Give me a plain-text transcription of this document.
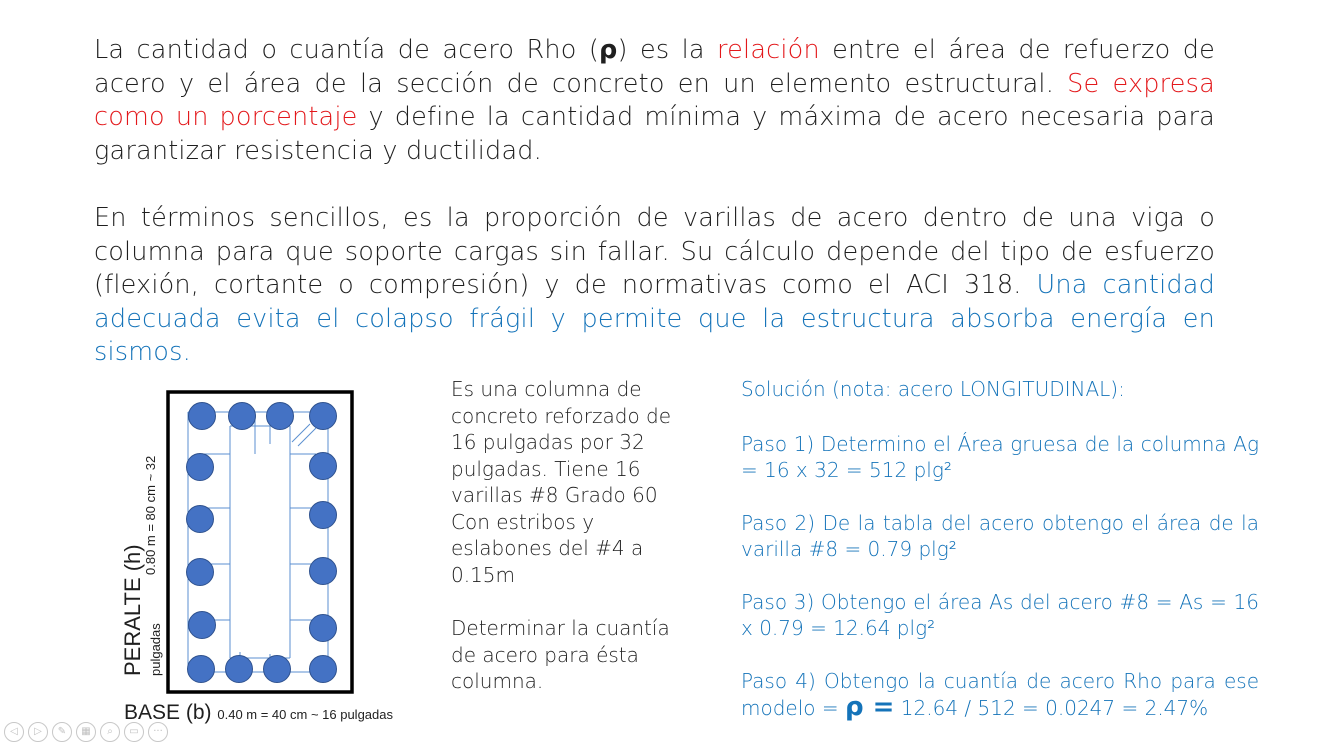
La cantidad o cuantía de acero Rho (ρ) es la relación entre el área de refuerzo de acero y el área de la sección de concreto en un elemento estructural. Se expresa como un porcentaje y define la cantidad mínima y máxima de acero necesaria para garantizar resistencia y ductilidad.
En términos sencillos, es la proporción de varillas de acero dentro de una viga o columna para que soporte cargas sin fallar. Su cálculo depende del tipo de esfuerzo (flexión, cortante o compresión) y de normativas como el ACI 318. Una cantidad adecuada evita el colapso frágil y permite que la estructura absorba energía en sismos.
PERALTE (h)
0.80 m = 80 cm ~ 32
pulgadas
BASE (b) 0.40 m = 40 cm ~ 16 pulgadas

Es una columna de concreto reforzado de 16 pulgadas por 32 pulgadas. Tiene 16 varillas #8 Grado 60 Con estribos y eslabones del #4 a 0.15m

Determinar la cuantía de acero para ésta columna.

Solución (nota: acero LONGITUDINAL):

Paso 1) Determino el Área gruesa de la columna Ag = 16 x 32 = 512 plg²

Paso 2) De la tabla del acero obtengo el área de la varilla #8 = 0.79 plg²

Paso 3) Obtengo el área As del acero #8 = As = 16 x 0.79 = 12.64 plg²

Paso 4) Obtengo la cuantía de acero Rho para ese modelo = ρ = 12.64 / 512 = 0.0247 = 2.47%

◁	▷	✎	▦	⌕	▭	···
